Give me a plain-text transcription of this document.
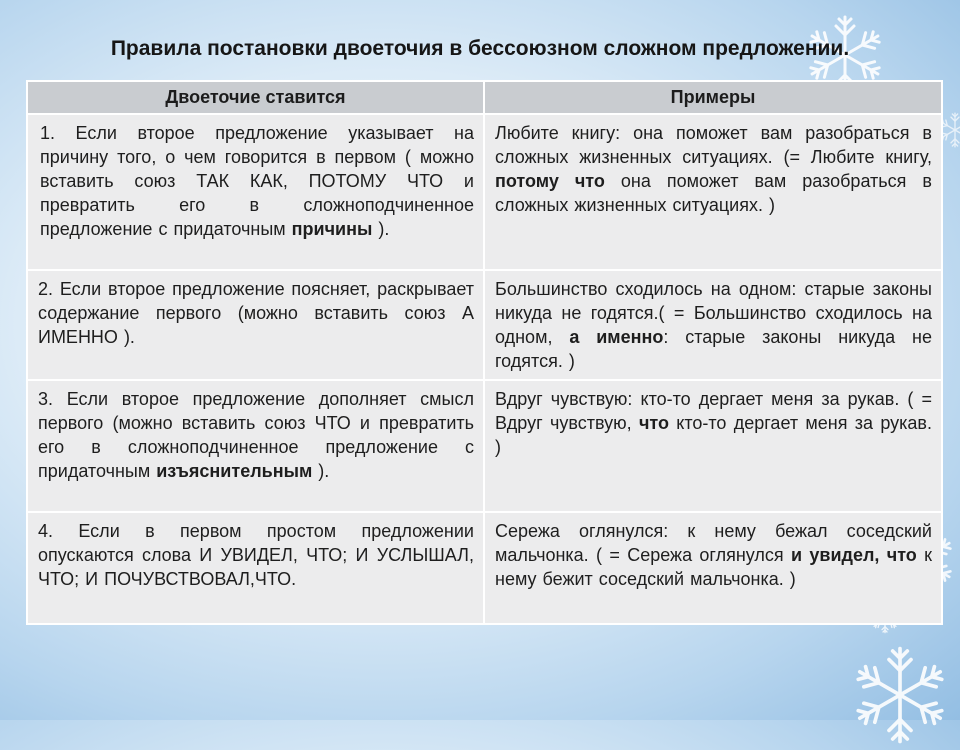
Правила постановки двоеточия в бессоюзном сложном предложении.
Двоеточие ставится	Примеры

1. Если второе предложение указывает на причину того, о чем говорится в первом ( можно вставить союз ТАК КАК, ПОТОМУ ЧТО и превратить его в сложноподчиненное предложение с придаточным причины ).	Любите книгу: она поможет вам разобраться в сложных жизненных ситуациях. (= Любите книгу, потому что она поможет вам разобраться в сложных жизненных ситуациях. )

2. Если второе предложение поясняет, раскрывает содержание первого (можно вставить союз А ИМЕННО ).	Большинство сходилось на одном: старые законы никуда не годятся.( = Большинство сходилось на одном, а именно: старые законы никуда не годятся. )

3. Если второе предложение дополняет смысл первого (можно вставить союз ЧТО и превратить его в сложноподчиненное предложение с придаточным изъяснительным ).	Вдруг чувствую: кто-то дергает меня за рукав. ( = Вдруг чувствую, что кто-то дергает меня за рукав. )

4. Если в первом простом предложении опускаются слова И УВИДЕЛ, ЧТО; И УСЛЫШАЛ, ЧТО; И ПОЧУВСТВОВАЛ,ЧТО.	Сережа оглянулся: к нему бежал соседский мальчонка. ( = Сережа оглянулся и увидел, что к нему бежит соседский мальчонка. )
